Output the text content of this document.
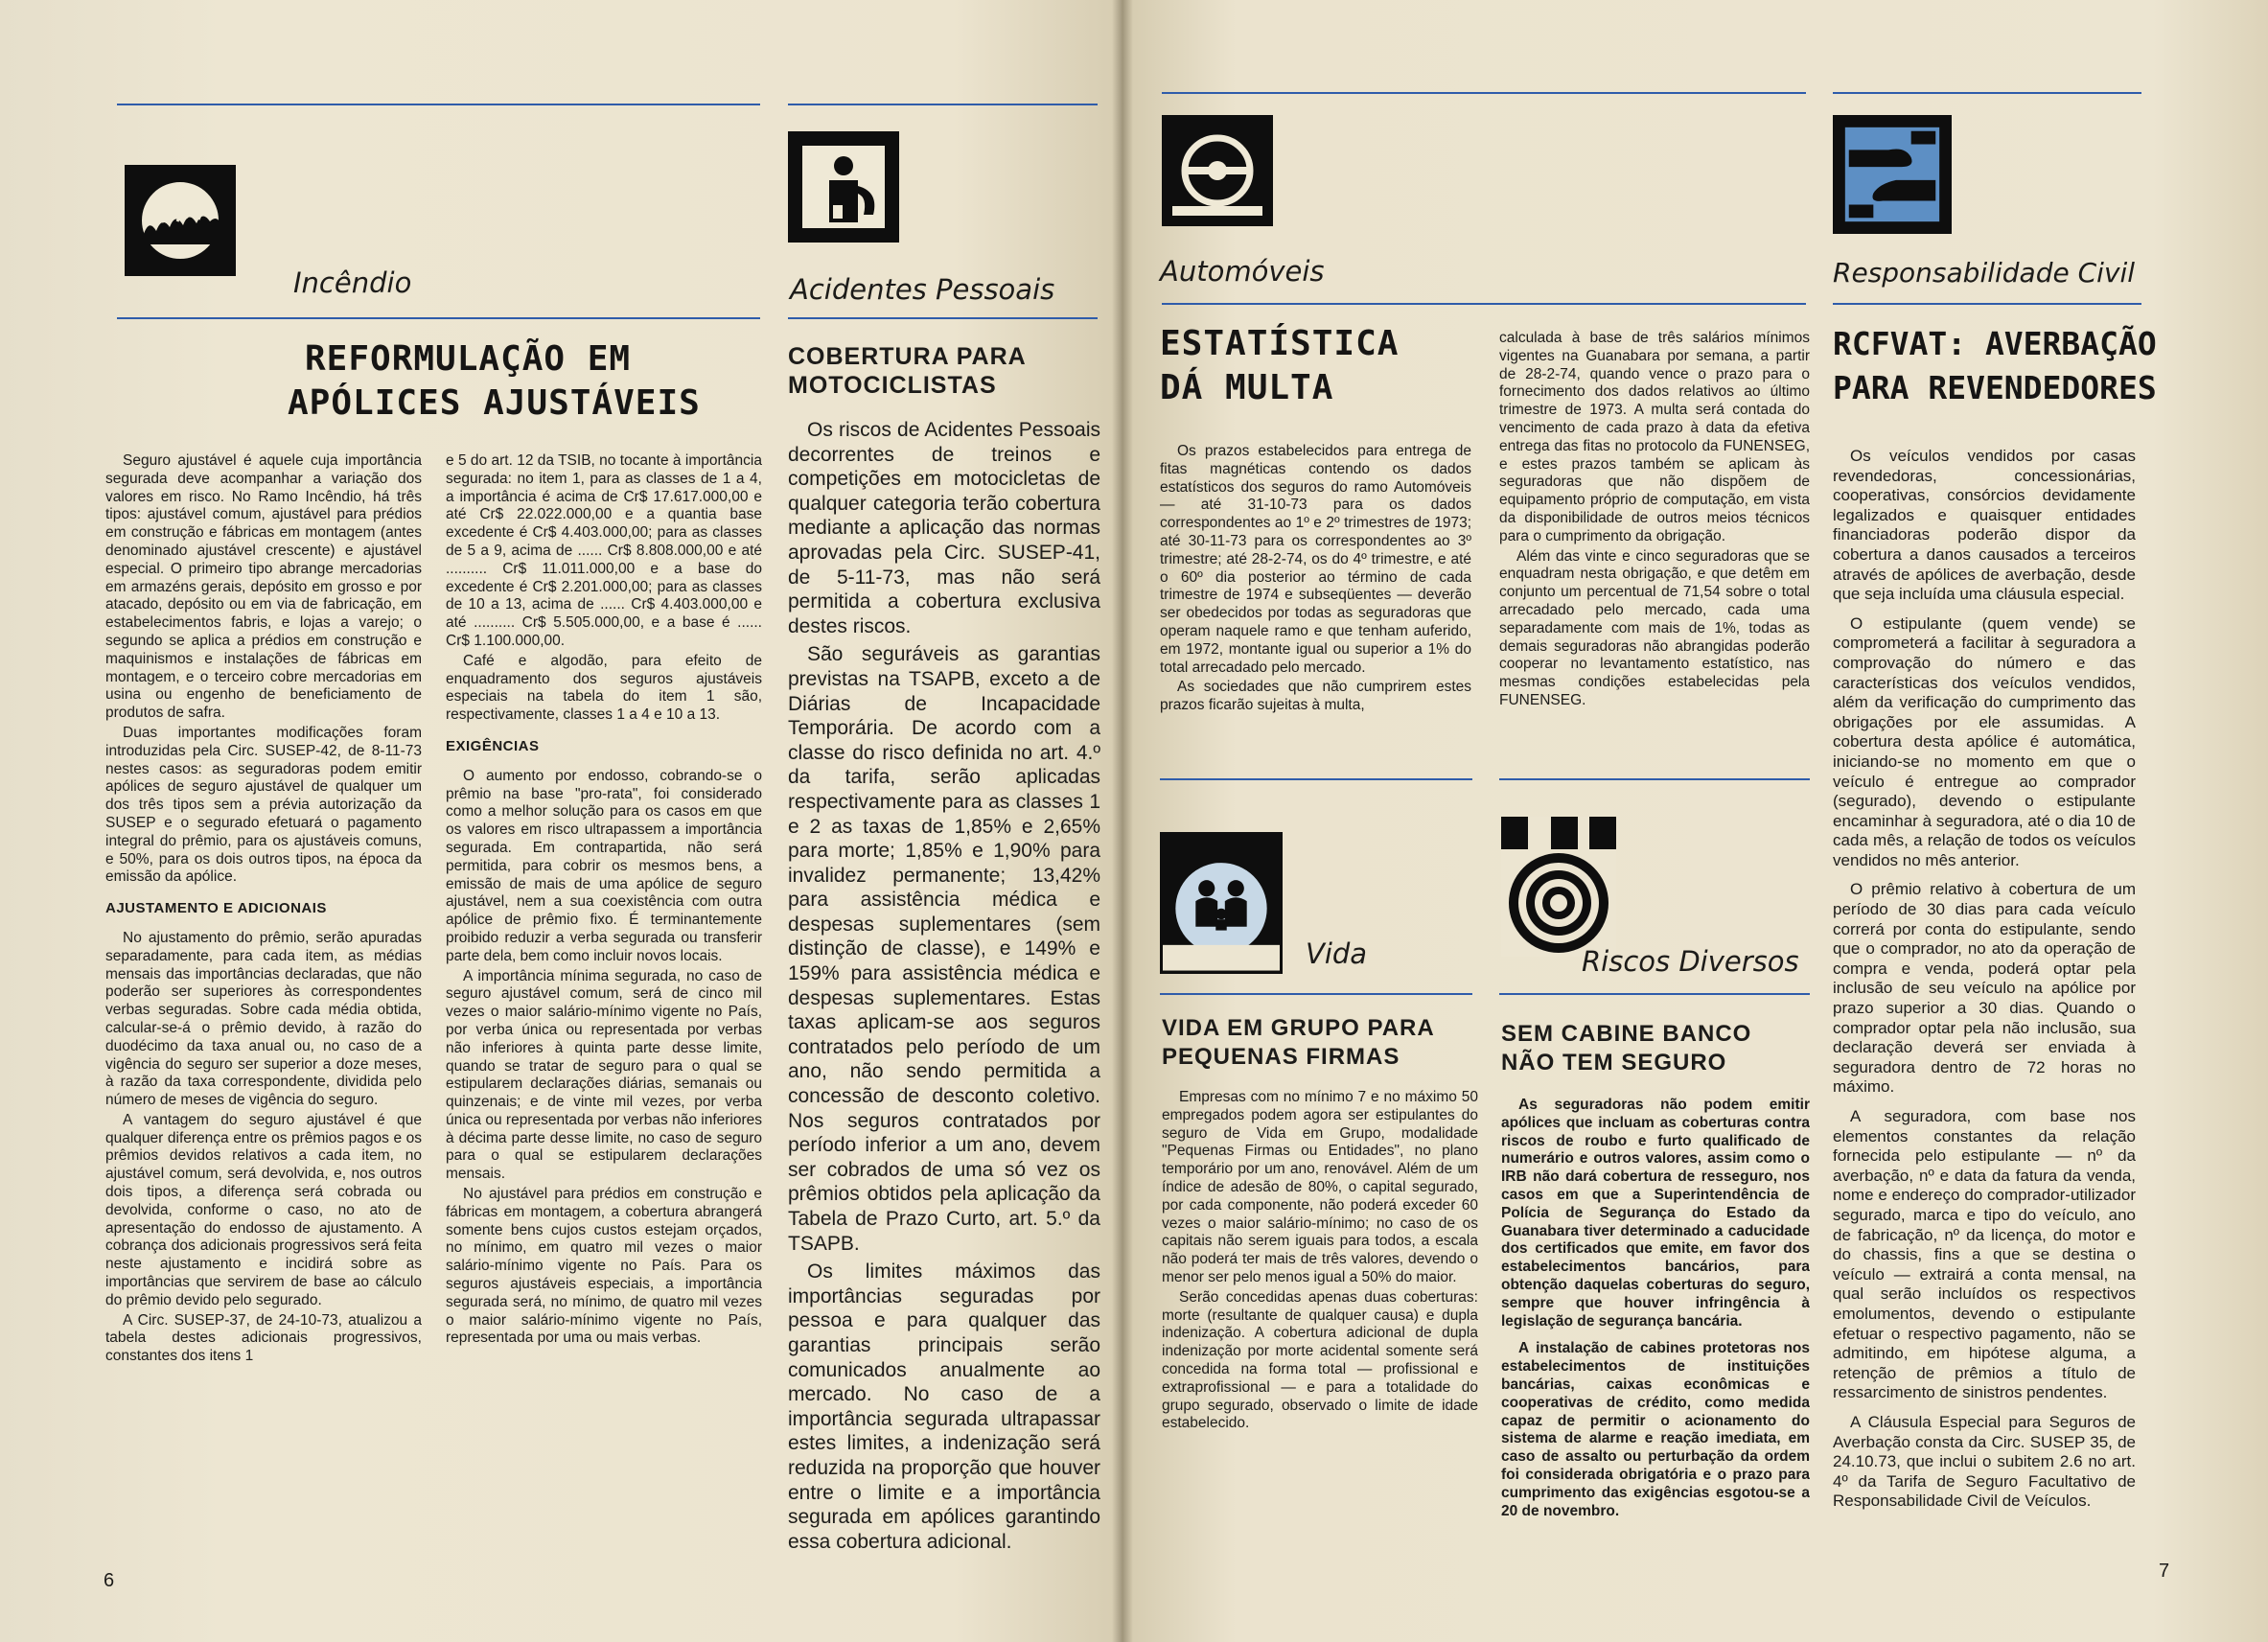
Incêndio
REFORMULAÇÃO EM
APÓLICES AJUSTÁVEIS

Seguro ajustável é aquele cuja importância segurada deve acompanhar a variação dos valores em risco. No Ramo Incêndio, há três tipos: ajustável comum, ajustável para prédios em construção e fábricas em montagem (antes denominado ajustável crescente) e ajustável especial. O primeiro tipo abrange mercadorias em armazéns gerais, depósito em grosso e por atacado, depósito ou em via de fabricação, em estabelecimentos fabris, e lojas a varejo; o segundo se aplica a prédios em construção e maquinismos e instalações de fábricas em montagem, e o terceiro cobre mercadorias em usina ou engenho de beneficiamento de produtos de safra.

Duas importantes modificações foram introduzidas pela Circ. SUSEP-42, de 8-11-73 nestes casos: as seguradoras podem emitir apólices de seguro ajustável de qualquer um dos três tipos sem a prévia autorização da SUSEP e o segurado efetuará o pagamento integral do prêmio, para os ajustáveis comuns, e 50%, para os dois outros tipos, na época da emissão da apólice.

AJUSTAMENTO E ADICIONAIS

No ajustamento do prêmio, serão apuradas separadamente, para cada item, as médias mensais das importâncias declaradas, que não poderão ser superiores às correspondentes verbas seguradas. Sobre cada média obtida, calcular-se-á o prêmio devido, à razão do duodécimo da taxa anual ou, no caso de a vigência do seguro ser superior a doze meses, à razão da taxa correspondente, dividida pelo número de meses de vigência do seguro.

A vantagem do seguro ajustável é que qualquer diferença entre os prêmios pagos e os prêmios devidos relativos a cada item, no ajustável comum, será devolvida, e, nos outros dois tipos, a diferença será cobrada ou devolvida, conforme o caso, no ato de apresentação do endosso de ajustamento. A cobrança dos adicionais progressivos será feita neste ajustamento e incidirá sobre as importâncias que servirem de base ao cálculo do prêmio devido pelo segurado.

A Circ. SUSEP-37, de 24-10-73, atualizou a tabela destes adicionais progressivos, constantes dos itens 1

e 5 do art. 12 da TSIB, no tocante à importância segurada: no item 1, para as classes de 1 a 4, a importância é acima de Cr$ 17.617.000,00 e até Cr$ 22.022.000,00 e a quantia base excedente é Cr$ 4.403.000,00; para as classes de 5 a 9, acima de ...... Cr$ 8.808.000,00 e até .......... Cr$ 11.011.000,00 e a base do excedente é Cr$ 2.201.000,00; para as classes de 10 a 13, acima de ...... Cr$ 4.403.000,00 e até .......... Cr$ 5.505.000,00, e a base é ...... Cr$ 1.100.000,00.

Café e algodão, para efeito de enquadramento dos seguros ajustáveis especiais na tabela do item 1 são, respectivamente, classes 1 a 4 e 10 a 13.

EXIGÊNCIAS

O aumento por endosso, cobrando-se o prêmio na base "pro-rata", foi considerado como a melhor solução para os casos em que os valores em risco ultrapassem a importância segurada. Em contrapartida, não será permitida, para cobrir os mesmos bens, a emissão de mais de uma apólice de seguro ajustável, nem a sua coexistência com outra apólice de prêmio fixo. É terminantemente proibido reduzir a verba segurada ou transferir parte dela, bem como incluir novos locais.

A importância mínima segurada, no caso de seguro ajustável comum, será de cinco mil vezes o maior salário-mínimo vigente no País, por verba única ou representada por verbas não inferiores à quinta parte desse limite, quando se tratar de seguro para o qual se estipularem declarações diárias, semanais ou quinzenais; e de vinte mil vezes, por verba única ou representada por verbas não inferiores à décima parte desse limite, no caso de seguro para o qual se estipularem declarações mensais.

No ajustável para prédios em construção e fábricas em montagem, a cobertura abrangerá somente bens cujos custos estejam orçados, no mínimo, em quatro mil vezes o maior salário-mínimo vigente no País. Para os seguros ajustáveis especiais, a importância segurada será, no mínimo, de quatro mil vezes o maior salário-mínimo vigente no País, representada por uma ou mais verbas.

Acidentes Pessoais
COBERTURA PARA
MOTOCICLISTAS

Os riscos de Acidentes Pessoais decorrentes de treinos e competições em motocicletas de qualquer categoria terão cobertura mediante a aplicação das normas aprovadas pela Circ. SUSEP-41, de 5-11-73, mas não será permitida a cobertura exclusiva destes riscos.

São seguráveis as garantias previstas na TSAPB, exceto a de Diárias de Incapacidade Temporária. De acordo com a classe do risco definida no art. 4.º da tarifa, serão aplicadas respectivamente para as classes 1 e 2 as taxas de 1,85% e 2,65% para morte; 1,85% e 1,90% para invalidez permanente; 13,42% para assistência médica e despesas suplementares (sem distinção de classe), e 149% e 159% para assistência médica e despesas suplementares. Estas taxas aplicam-se aos seguros contratados pelo período de um ano, não sendo permitida a concessão de desconto coletivo. Nos seguros contratados por período inferior a um ano, devem ser cobrados de uma só vez os prêmios obtidos pela aplicação da Tabela de Prazo Curto, art. 5.º da TSAPB.

Os limites máximos das importâncias seguradas por pessoa e para qualquer das garantias principais serão comunicados anualmente ao mercado. No caso de a importância segurada ultrapassar estes limites, a indenização será reduzida na proporção que houver entre o limite e a importância segurada em apólices garantindo essa cobertura adicional.

6
Automóveis
ESTATÍSTICA
DÁ MULTA

Os prazos estabelecidos para entrega de fitas magnéticas contendo os dados estatísticos dos seguros do ramo Automóveis — até 31-10-73 para os dados correspondentes ao 1º e 2º trimestres de 1973; até 30-11-73 para os correspondentes ao 3º trimestre; até 28-2-74, os do 4º trimestre, e até o 60º dia posterior ao término de cada trimestre de 1974 e subseqüentes — deverão ser obedecidos por todas as seguradoras que operam naquele ramo e que tenham auferido, em 1972, montante igual ou superior a 1% do total arrecadado pelo mercado.

As sociedades que não cumprirem estes prazos ficarão sujeitas à multa,

calculada à base de três salários mínimos vigentes na Guanabara por semana, a partir de 28-2-74, quando vence o prazo para o fornecimento dos dados relativos ao último trimestre de 1973. A multa será contada do vencimento de cada prazo à data da efetiva entrega das fitas no protocolo da FUNENSEG, e estes prazos também se aplicam às seguradoras que não dispõem de equipamento próprio de computação, em vista da disponibilidade de outros meios técnicos para o cumprimento da obrigação.

Além das vinte e cinco seguradoras que se enquadram nesta obrigação, e que detêm em conjunto um percentual de 71,54 sobre o total arrecadado pelo mercado, cada uma separadamente com mais de 1%, todas as demais seguradoras não abrangidas poderão cooperar no levantamento estatístico, nas mesmas condições estabelecidas pela FUNENSEG.

Vida
VIDA EM GRUPO PARA
PEQUENAS FIRMAS

Empresas com no mínimo 7 e no máximo 50 empregados podem agora ser estipulantes do seguro de Vida em Grupo, modalidade "Pequenas Firmas ou Entidades", no plano temporário por um ano, renovável. Além de um índice de adesão de 80%, o capital segurado, por cada componente, não poderá exceder 60 vezes o maior salário-mínimo; no caso de os capitais não serem iguais para todos, a escala não poderá ter mais de três valores, devendo o menor ser pelo menos igual a 50% do maior.

Serão concedidas apenas duas coberturas: morte (resultante de qualquer causa) e dupla indenização. A cobertura adicional de dupla indenização por morte acidental somente será concedida na forma total — profissional e extraprofissional — e para a totalidade do grupo segurado, observado o limite de idade estabelecido.

Riscos Diversos
SEM CABINE BANCO
NÃO TEM SEGURO

As seguradoras não podem emitir apólices que incluam as coberturas contra riscos de roubo e furto qualificado de numerário e outros valores, assim como o IRB não dará cobertura de resseguro, nos casos em que a Superintendência de Polícia de Segurança do Estado da Guanabara tiver determinado a caducidade dos certificados que emite, em favor dos estabelecimentos bancários, para obtenção daquelas coberturas do seguro, sempre que houver infringência à legislação de segurança bancária.

A instalação de cabines protetoras nos estabelecimentos de instituições bancárias, caixas econômicas e cooperativas de crédito, como medida capaz de permitir o acionamento do sistema de alarme e reação imediata, em caso de assalto ou perturbação da ordem foi considerada obrigatória e o prazo para cumprimento das exigências esgotou-se a 20 de novembro.

Responsabilidade Civil
RCFVAT: AVERBAÇÃO
PARA REVENDEDORES

Os veículos vendidos por casas revendedoras, concessionárias, cooperativas, consórcios devidamente legalizados e quaisquer entidades financiadoras poderão dispor da cobertura a danos causados a terceiros através de apólices de averbação, desde que seja incluída uma cláusula especial.

O estipulante (quem vende) se comprometerá a facilitar à seguradora a comprovação do número e das características dos veículos vendidos, além da verificação do cumprimento das obrigações por ele assumidas. A cobertura desta apólice é automática, iniciando-se no momento em que o veículo é entregue ao comprador (segurado), devendo o estipulante encaminhar à seguradora, até o dia 10 de cada mês, a relação de todos os veículos vendidos no mês anterior.

O prêmio relativo à cobertura de um período de 30 dias para cada veículo correrá por conta do estipulante, sendo que o comprador, no ato da operação de compra e venda, poderá optar pela inclusão de seu veículo na apólice por prazo superior a 30 dias. Quando o comprador optar pela não inclusão, sua declaração deverá ser enviada à seguradora dentro de 72 horas no máximo.

A seguradora, com base nos elementos constantes da relação fornecida pelo estipulante — nº da averbação, nº e data da fatura da venda, nome e endereço do comprador-utilizador segurado, marca e tipo do veículo, ano de fabricação, nº da licença, do motor e do chassis, fins a que se destina o veículo — extrairá a conta mensal, na qual serão incluídos os respectivos emolumentos, devendo o estipulante efetuar o respectivo pagamento, não se admitindo, em hipótese alguma, a retenção de prêmios a título de ressarcimento de sinistros pendentes.

A Cláusula Especial para Seguros de Averbação consta da Circ. SUSEP 35, de 24.10.73, que inclui o subitem 2.6 no art. 4º da Tarifa de Seguro Facultativo de Responsabilidade Civil de Veículos.

7
